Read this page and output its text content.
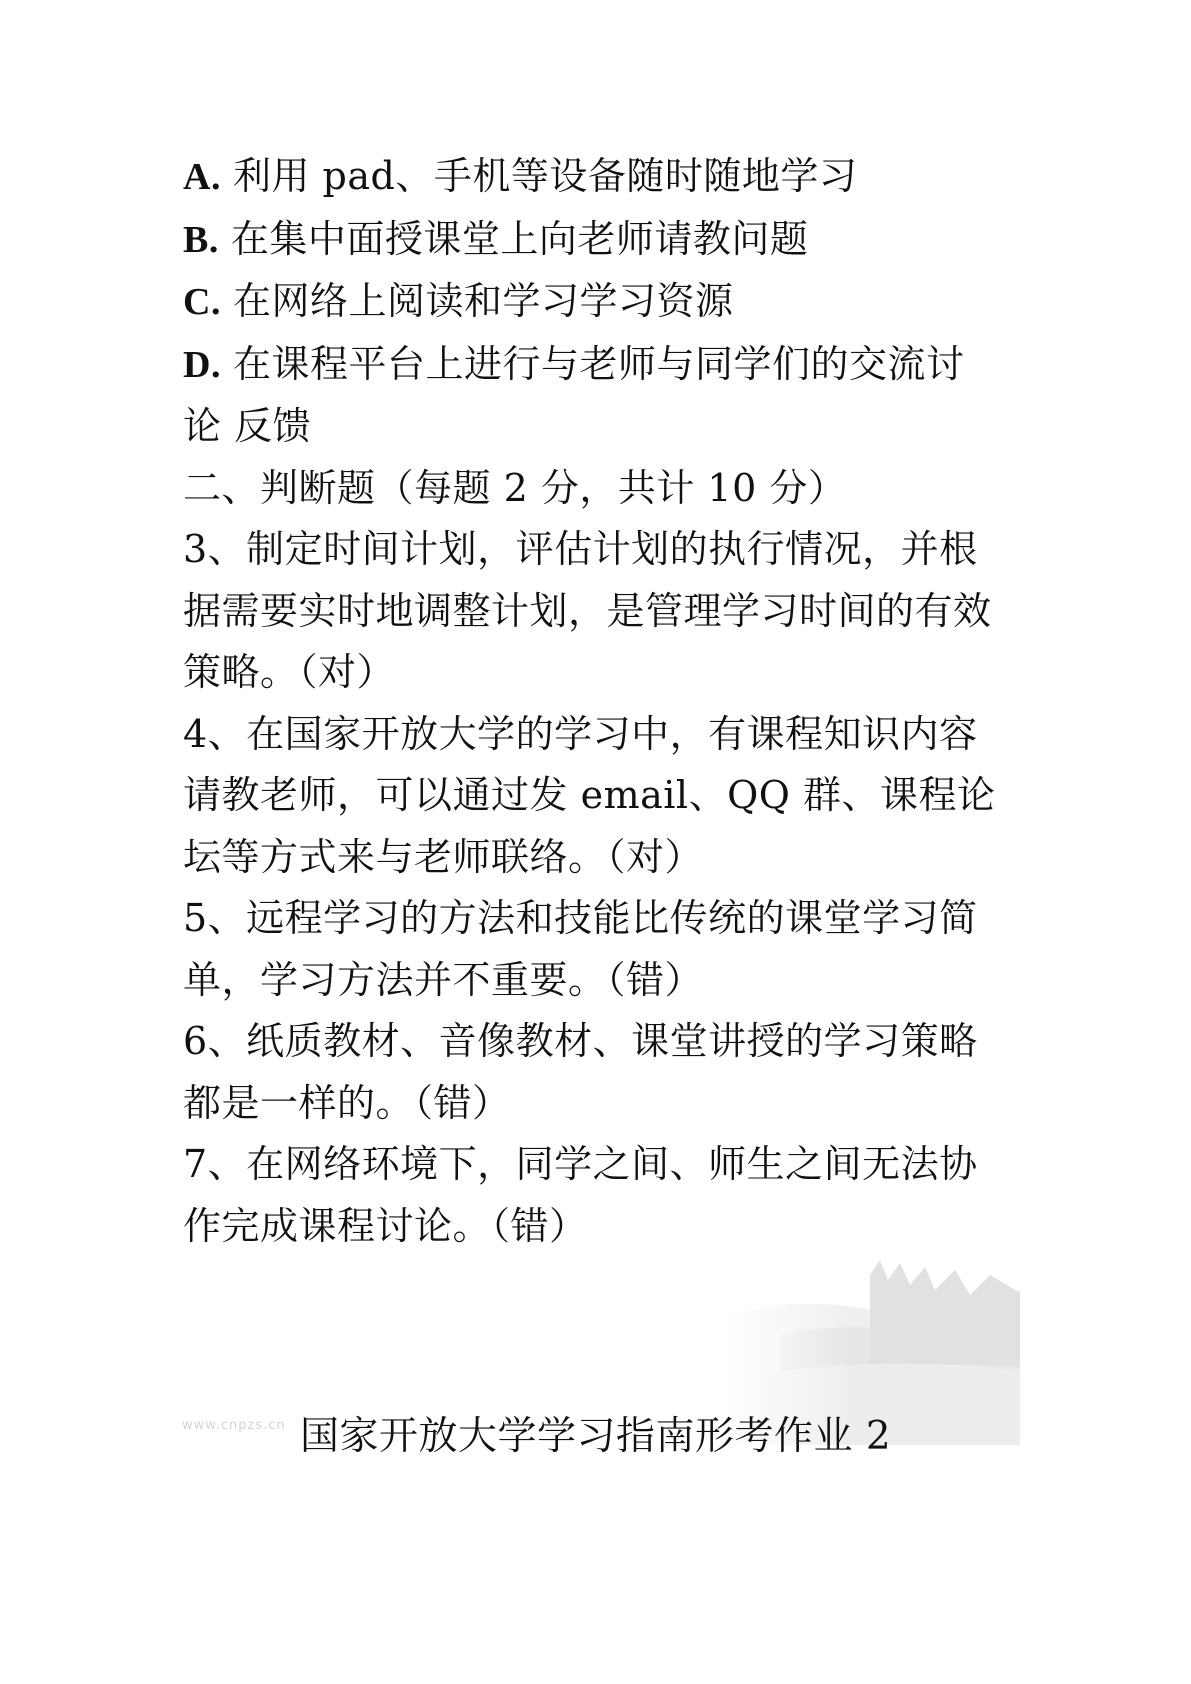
A. 利用 pad、手机等设备随时随地学习
B. 在集中面授课堂上向老师请教问题
C. 在网络上阅读和学习学习资源
D. 在课程平台上进行与老师与同学们的交流讨
论 反馈
二、判断题（每题 2 分，共计 10 分）
3、制定时间计划，评估计划的执行情况，并根
据需要实时地调整计划，是管理学习时间的有效
策略。（对）
4、在国家开放大学的学习中，有课程知识内容
请教老师，可以通过发 email、QQ 群、课程论
坛等方式来与老师联络。（对）
5、远程学习的方法和技能比传统的课堂学习简
单，学习方法并不重要。（错）
6、纸质教材、音像教材、课堂讲授的学习策略
都是一样的。（错）
7、在网络环境下，同学之间、师生之间无法协
作完成课程讨论。（错）
www.cnpzs.cn 国家开放大学学习指南形考作业 2
